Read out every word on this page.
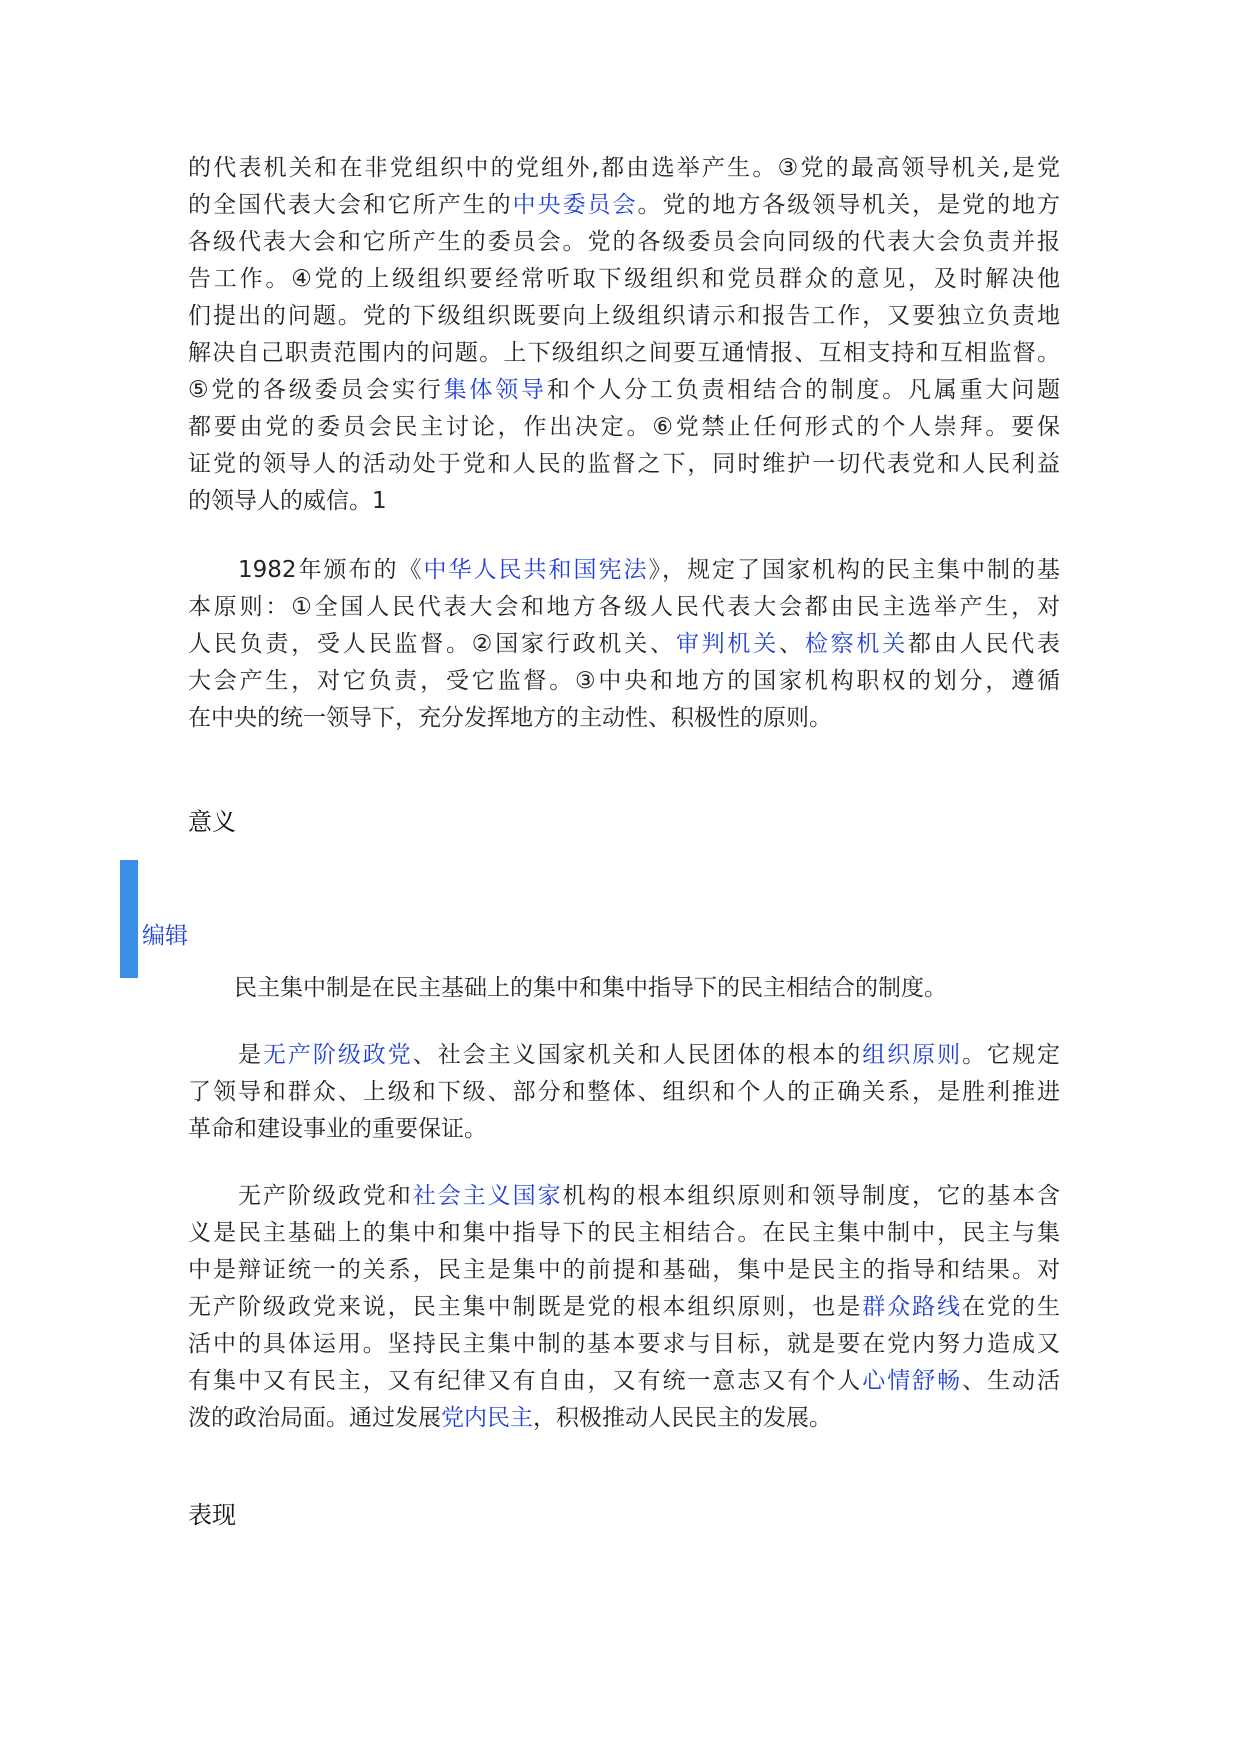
的代表机关和在非党组织中的党组外,都由选举产生。③党的最高领导机关,是党
的全国代表大会和它所产生的中央委员会。党的地方各级领导机关，是党的地方
各级代表大会和它所产生的委员会。党的各级委员会向同级的代表大会负责并报
告工作。④党的上级组织要经常听取下级组织和党员群众的意见，及时解决他
们提出的问题。党的下级组织既要向上级组织请示和报告工作，又要独立负责地
解决自己职责范围内的问题。上下级组织之间要互通情报、互相支持和互相监督。
⑤党的各级委员会实行集体领导和个人分工负责相结合的制度。凡属重大问题
都要由党的委员会民主讨论，作出决定。⑥党禁止任何形式的个人崇拜。要保
证党的领导人的活动处于党和人民的监督之下，同时维护一切代表党和人民利益
的领导人的威信。1
　　1982年颁布的《中华人民共和国宪法》，规定了国家机构的民主集中制的基
本原则：①全国人民代表大会和地方各级人民代表大会都由民主选举产生，对
人民负责，受人民监督。②国家行政机关、审判机关、检察机关都由人民代表
大会产生，对它负责，受它监督。③中央和地方的国家机构职权的划分，遵循
在中央的统一领导下，充分发挥地方的主动性、积极性的原则。
意义
编辑
　　民主集中制是在民主基础上的集中和集中指导下的民主相结合的制度。
　　是无产阶级政党、社会主义国家机关和人民团体的根本的组织原则。它规定
了领导和群众、上级和下级、部分和整体、组织和个人的正确关系，是胜利推进
革命和建设事业的重要保证。
　　无产阶级政党和社会主义国家机构的根本组织原则和领导制度，它的基本含
义是民主基础上的集中和集中指导下的民主相结合。在民主集中制中，民主与集
中是辩证统一的关系，民主是集中的前提和基础，集中是民主的指导和结果。对
无产阶级政党来说，民主集中制既是党的根本组织原则，也是群众路线在党的生
活中的具体运用。坚持民主集中制的基本要求与目标，就是要在党内努力造成又
有集中又有民主，又有纪律又有自由，又有统一意志又有个人心情舒畅、生动活
泼的政治局面。通过发展党内民主，积极推动人民民主的发展。
表现
